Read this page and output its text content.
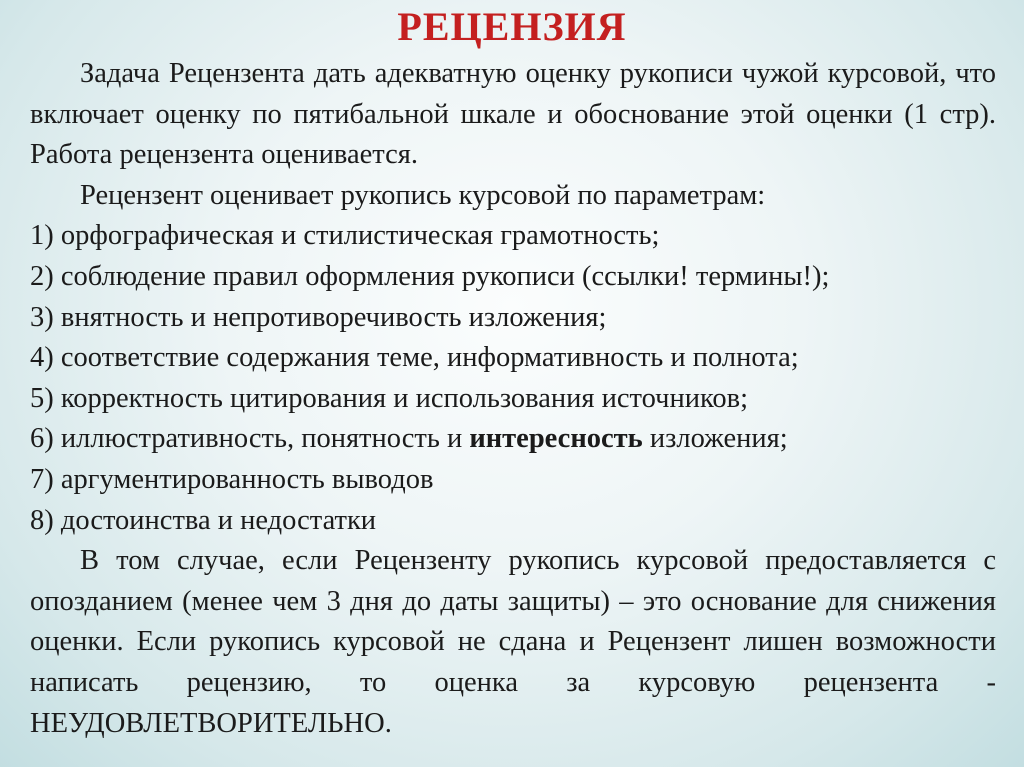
РЕЦЕНЗИЯ

Задача Рецензента дать адекватную оценку рукописи чужой курсовой, что включает оценку по пятибальной шкале и обоснование этой оценки (1 стр). Работа рецензента оценивается.

Рецензент оценивает рукопись курсовой по параметрам:

1) орфографическая и стилистическая грамотность;
2) соблюдение правил оформления рукописи (ссылки! термины!);
3) внятность и непротиворечивость изложения;
4) соответствие содержания теме, информативность и полнота;
5) корректность цитирования и использования источников;
6) иллюстративность, понятность и интересность изложения;
7) аргументированность выводов
8) достоинства и недостатки

В том случае, если Рецензенту рукопись курсовой предоставляется с опозданием (менее чем 3 дня до даты защиты) – это основание для снижения оценки. Если рукопись курсовой не сдана и Рецензент лишен возможности написать рецензию, то оценка за курсовую рецензента - НЕУДОВЛЕТВОРИТЕЛЬНО.
